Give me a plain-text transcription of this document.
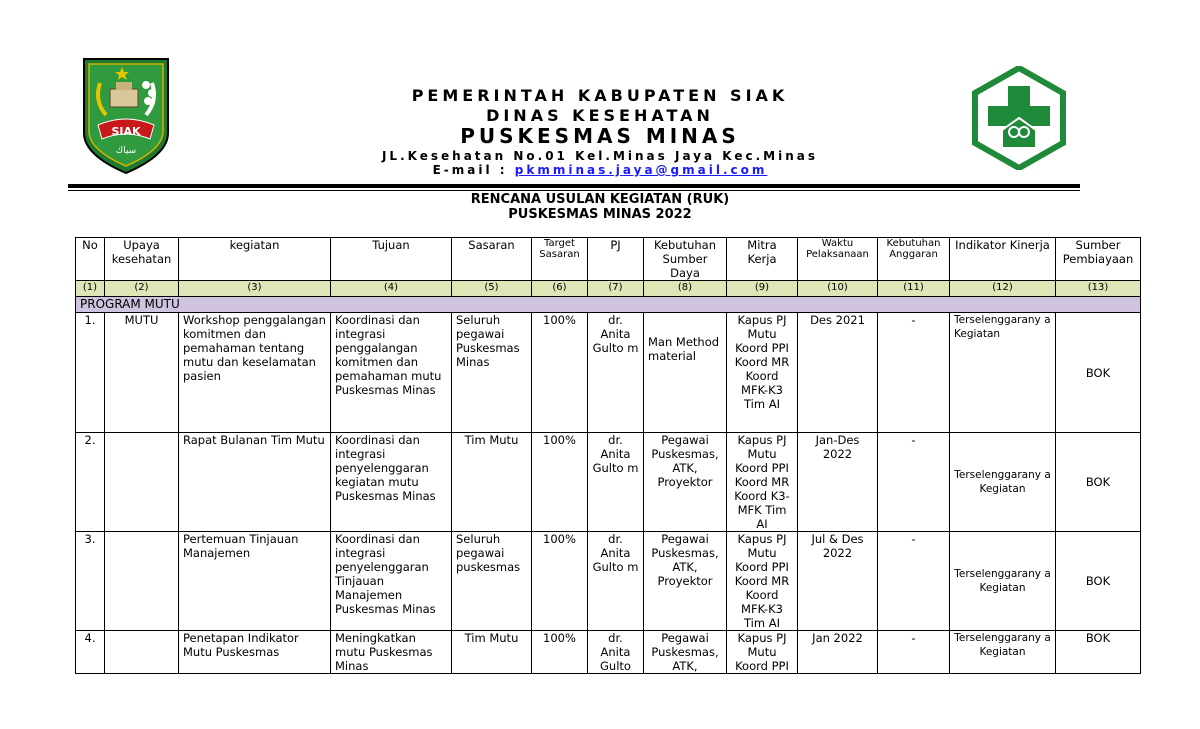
SIAK
سياك
PEMERINTAH KABUPATEN SIAK
DINAS KESEHATAN
PUSKESMAS MINAS
JL.Kesehatan No.01 Kel.Minas Jaya Kec.Minas
E-mail : pkmminas.jaya@gmail.com
RENCANA USULAN KEGIATAN (RUK)
PUSKESMAS MINAS 2022
No	Upaya kesehatan	kegiatan	Tujuan	Sasaran	Target Sasaran	PJ	Kebutuhan Sumber Daya	Mitra Kerja	Waktu Pelaksanaan	Kebutuhan Anggaran	Indikator Kinerja	Sumber Pembiayaan
(1)	(2)	(3)	(4)	(5)	(6)	(7)	(8)	(9)	(10)	(11)	(12)	(13)
PROGRAM MUTU												
1.	MUTU	Workshop penggalangan komitmen dan pemahaman tentang mutu dan keselamatan pasien	Koordinasi dan integrasi penggalangan komitmen dan pemahaman mutu Puskesmas Minas	Seluruh pegawai Puskesmas Minas	100%	dr. Anita Gulto m	Man Method material	Kapus PJ Mutu Koord PPI Koord MR Koord MFK-K3 Tim AI	Des 2021	-	Terselenggarany a Kegiatan	BOK
2.		Rapat Bulanan Tim Mutu	Koordinasi dan integrasi penyelenggaran kegiatan mutu Puskesmas Minas	Tim Mutu	100%	dr. Anita Gulto m	Pegawai Puskesmas, ATK, Proyektor	Kapus PJ Mutu Koord PPI Koord MR Koord K3-MFK Tim AI	Jan-Des 2022	-	Terselenggarany a Kegiatan	BOK
3.		Pertemuan Tinjauan Manajemen	Koordinasi dan integrasi penyelenggaran Tinjauan Manajemen Puskesmas Minas	Seluruh pegawai puskesmas	100%	dr. Anita Gulto m	Pegawai Puskesmas, ATK, Proyektor	Kapus PJ Mutu Koord PPI Koord MR Koord MFK-K3 Tim AI	Jul & Des 2022	-	Terselenggarany a Kegiatan	BOK
4.		Penetapan Indikator Mutu Puskesmas	Meningkatkan mutu Puskesmas Minas	Tim Mutu	100%	dr. Anita Gulto	Pegawai Puskesmas, ATK,	Kapus PJ Mutu Koord PPI	Jan 2022	-	Terselenggarany a Kegiatan	BOK
